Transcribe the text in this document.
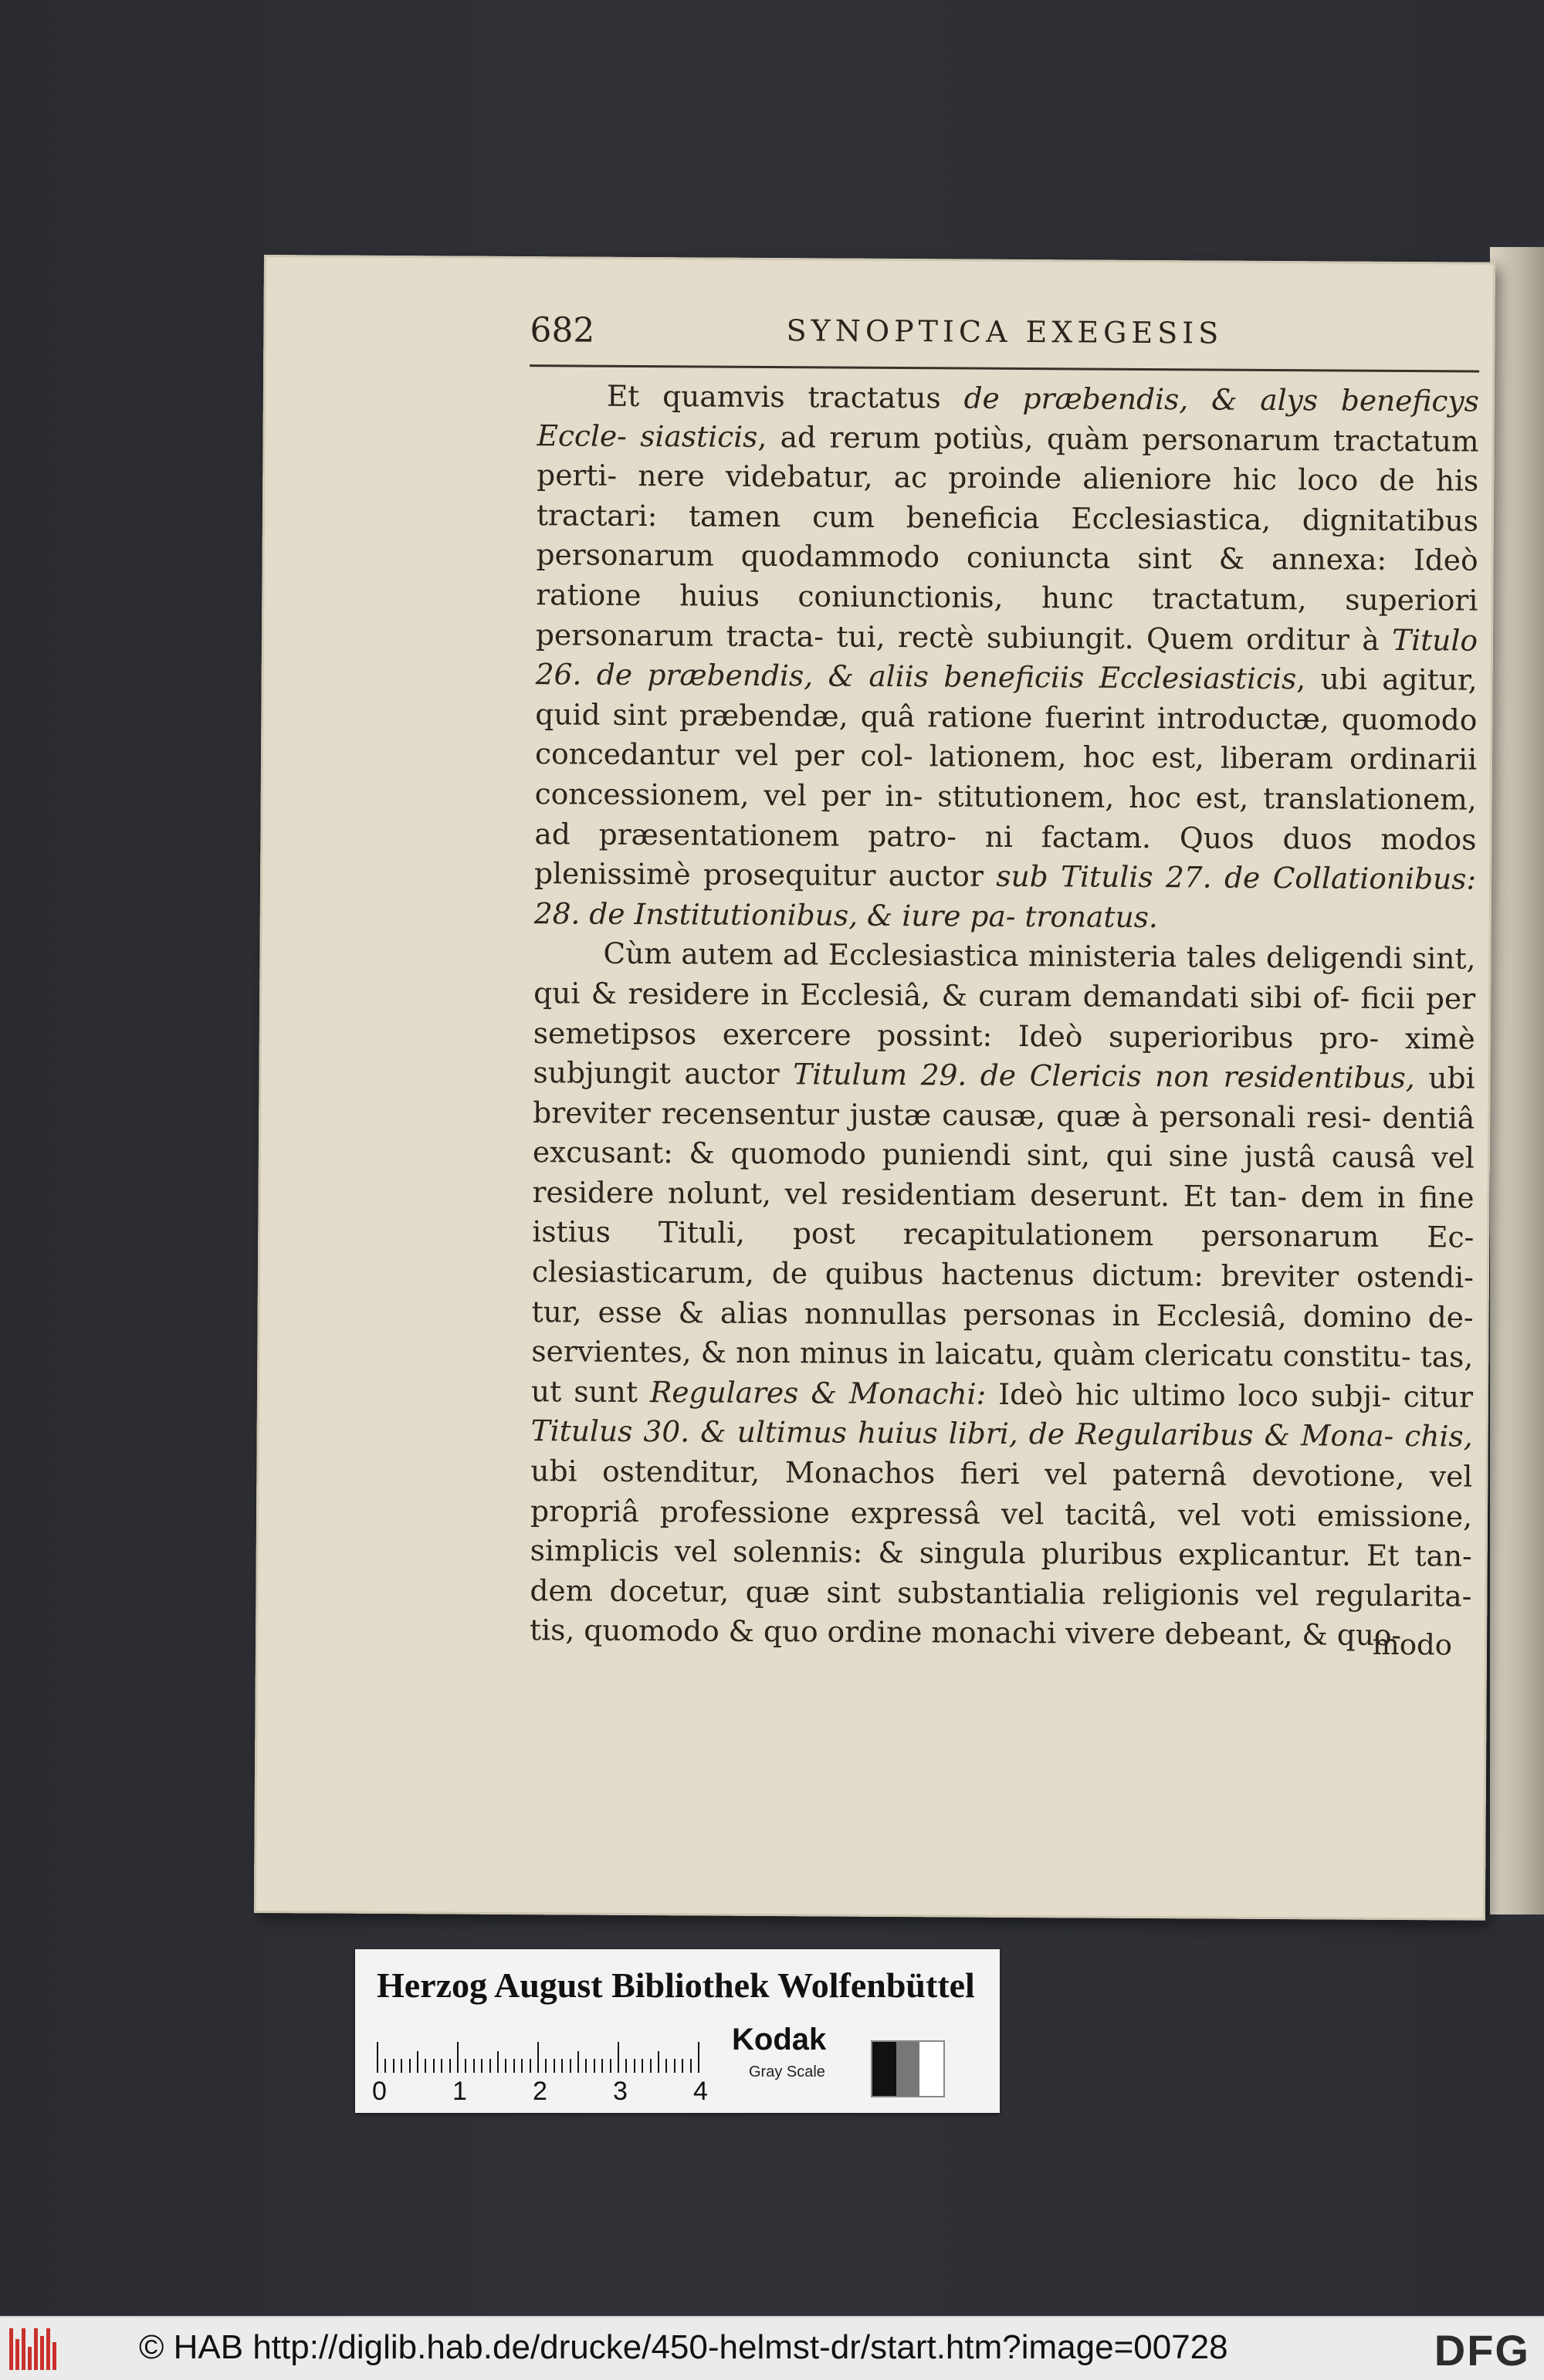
682	SYNOPTICA EXEGESIS

Et quamvis tractatus de præbendis, & alys beneficys Eccle- siasticis, ad rerum potiùs, quàm personarum tractatum perti- nere videbatur, ac proinde alieniore hic loco de his tractari: tamen cum beneficia Ecclesiastica, dignitatibus personarum quodammodo coniuncta sint & annexa: Ideò ratione huius coniunctionis, hunc tractatum, superiori personarum tracta- tui, rectè subiungit. Quem orditur à Titulo 26. de præbendis, & aliis beneficiis Ecclesiasticis, ubi agitur, quid sint præbendæ, quâ ratione fuerint introductæ, quomodo concedantur vel per col- lationem, hoc est, liberam ordinarii concessionem, vel per in- stitutionem, hoc est, translationem, ad præsentationem patro- ni factam. Quos duos modos plenissimè prosequitur auctor sub Titulis 27. de Collationibus: 28. de Institutionibus, & iure pa- tronatus.

Cùm autem ad Ecclesiastica ministeria tales deligendi sint, qui & residere in Ecclesiâ, & curam demandati sibi of- ficii per semetipsos exercere possint: Ideò superioribus pro- ximè subjungit auctor Titulum 29. de Clericis non residentibus, ubi breviter recensentur justæ causæ, quæ à personali resi- dentiâ excusant: & quomodo puniendi sint, qui sine justâ causâ vel residere nolunt, vel residentiam deserunt. Et tan- dem in fine istius Tituli, post recapitulationem personarum Ec- clesiasticarum, de quibus hactenus dictum: breviter ostendi- tur, esse & alias nonnullas personas in Ecclesiâ, domino de- servientes, & non minus in laicatu, quàm clericatu constitu- tas, ut sunt Regulares & Monachi: Ideò hic ultimo loco subji- citur Titulus 30. & ultimus huius libri, de Regularibus & Mona- chis, ubi ostenditur, Monachos fieri vel paternâ devotione, vel propriâ professione expressâ vel tacitâ, vel voti emissione, simplicis vel solennis: & singula pluribus explicantur. Et tan- dem docetur, quæ sint substantialia religionis vel regularita- tis, quomodo & quo ordine monachi vivere debeant, & quo-

modo
Herzog August Bibliothek Wolfenbüttel
0	1	2	3	4
Kodak
Gray Scale
© HAB http://diglib.hab.de/drucke/450-helmst-dr/start.htm?image=00728	DFG
